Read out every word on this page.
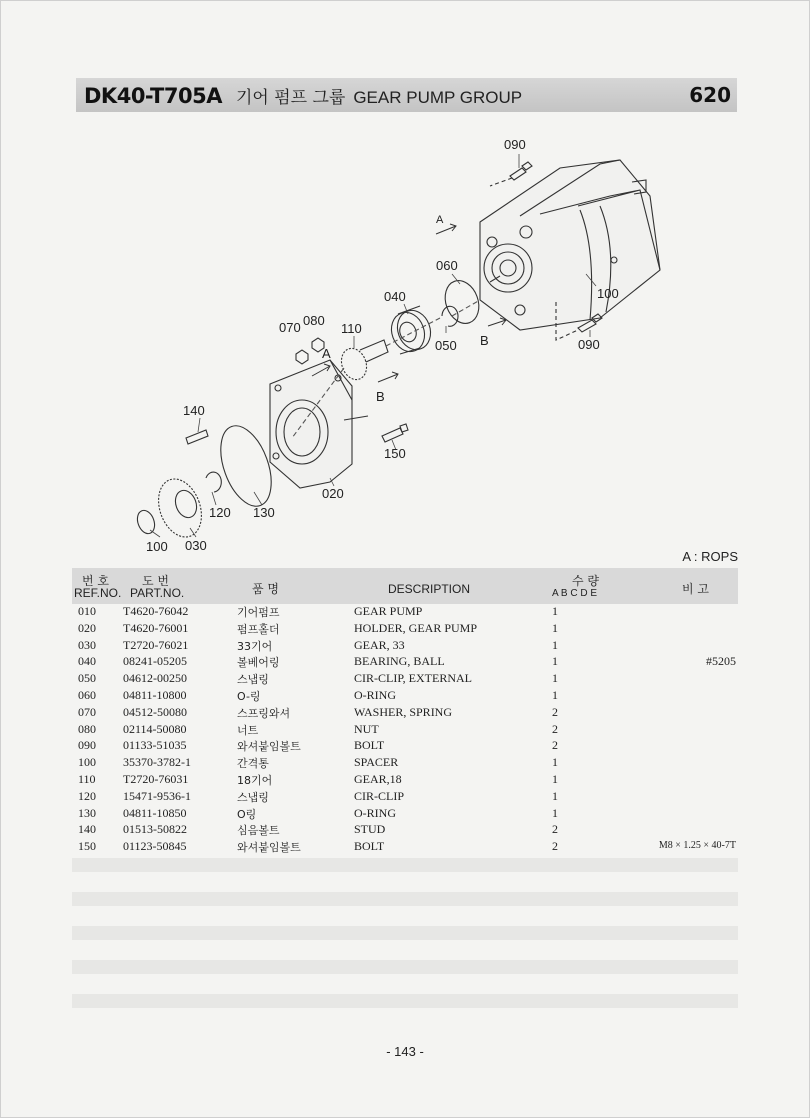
DK40-T705A 기어 펌프 그룹 GEAR PUMP GROUP	620
090
A
060
040	100
070 080
110
A
050 B	090
B
140
150
020
120 130
100 030
A : ROPS
번 호
REF.NO.
도 번
PART.NO.	품 명	DESCRIPTION
수 량
A B C D E	비 고
010 T4620-76042	기어펌프	GEAR PUMP	1
020 T4620-76001	펌프홀더	HOLDER, GEAR PUMP	1
030 T2720-76021	33기어	GEAR, 33	1
040 08241-05205	볼베어링	BEARING, BALL	1	#5205
050 04612-00250	스냅링	CIR-CLIP, EXTERNAL	1
060 04811-10800	O-링	O-RING	1
070 04512-50080	스프링와셔	WASHER, SPRING	2
080 02114-50080	너트	NUT	2
090 01133-51035	와셔붙임볼트	BOLT	2
100 35370-3782-1	간격통	SPACER	1
110 T2720-76031	18기어	GEAR,18	1
120 15471-9536-1	스냅링	CIR-CLIP	1
130 04811-10850	O링	O-RING	1
140 01513-50822	심음볼트	STUD	2
150 01123-50845	와셔붙임볼트	BOLT	2	M8 × 1.25 × 40-7T
- 143 -
